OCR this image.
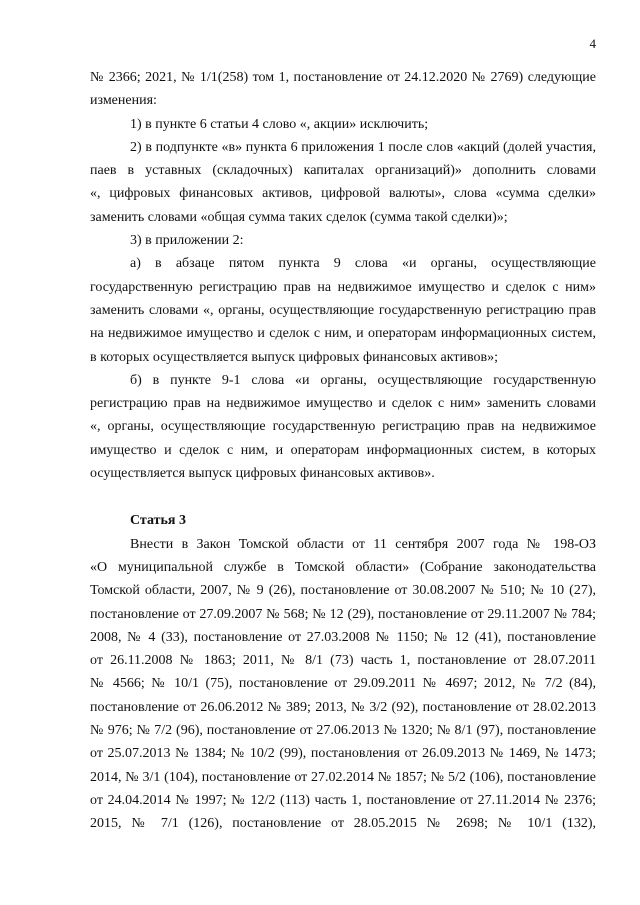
4
№ 2366; 2021, № 1/1(258) том 1, постановление от 24.12.2020 № 2769) следующие
изменения:
1) в пункте 6 статьи 4 слово «, акции» исключить;
2) в подпункте «в» пункта 6 приложения 1 после слов «акций (долей участия,
паев в уставных (складочных) капиталах организаций)» дополнить словами
«, цифровых финансовых активов, цифровой валюты», слова «сумма сделки»
заменить словами «общая сумма таких сделок (сумма такой сделки)»;
3) в приложении 2:
а) в абзаце пятом пункта 9 слова «и органы, осуществляющие
государственную регистрацию прав на недвижимое имущество и сделок с ним»
заменить словами «, органы, осуществляющие государственную регистрацию прав
на недвижимое имущество и сделок с ним, и операторам информационных систем,
в которых осуществляется выпуск цифровых финансовых активов»;
б) в пункте 9-1 слова «и органы, осуществляющие государственную
регистрацию прав на недвижимое имущество и сделок с ним» заменить словами
«, органы, осуществляющие государственную регистрацию прав на недвижимое
имущество и сделок с ним, и операторам информационных систем, в которых
осуществляется выпуск цифровых финансовых активов».
Статья 3
Внести в Закон Томской области от 11 сентября 2007 года № 198-ОЗ
«О муниципальной службе в Томской области» (Собрание законодательства
Томской области, 2007, № 9 (26), постановление от 30.08.2007 № 510; № 10 (27),
постановление от 27.09.2007 № 568; № 12 (29), постановление от 29.11.2007 № 784;
2008, № 4 (33), постановление от 27.03.2008 № 1150; № 12 (41), постановление
от 26.11.2008 № 1863; 2011, № 8/1 (73) часть 1, постановление от 28.07.2011
№ 4566; № 10/1 (75), постановление от 29.09.2011 № 4697; 2012, № 7/2 (84),
постановление от 26.06.2012 № 389; 2013, № 3/2 (92), постановление от 28.02.2013
№ 976; № 7/2 (96), постановление от 27.06.2013 № 1320; № 8/1 (97), постановление
от 25.07.2013 № 1384; № 10/2 (99), постановления от 26.09.2013 № 1469, № 1473;
2014, № 3/1 (104), постановление от 27.02.2014 № 1857; № 5/2 (106), постановление
от 24.04.2014 № 1997; № 12/2 (113) часть 1, постановление от 27.11.2014 № 2376;
2015, № 7/1 (126), постановление от 28.05.2015 № 2698; № 10/1 (132),
